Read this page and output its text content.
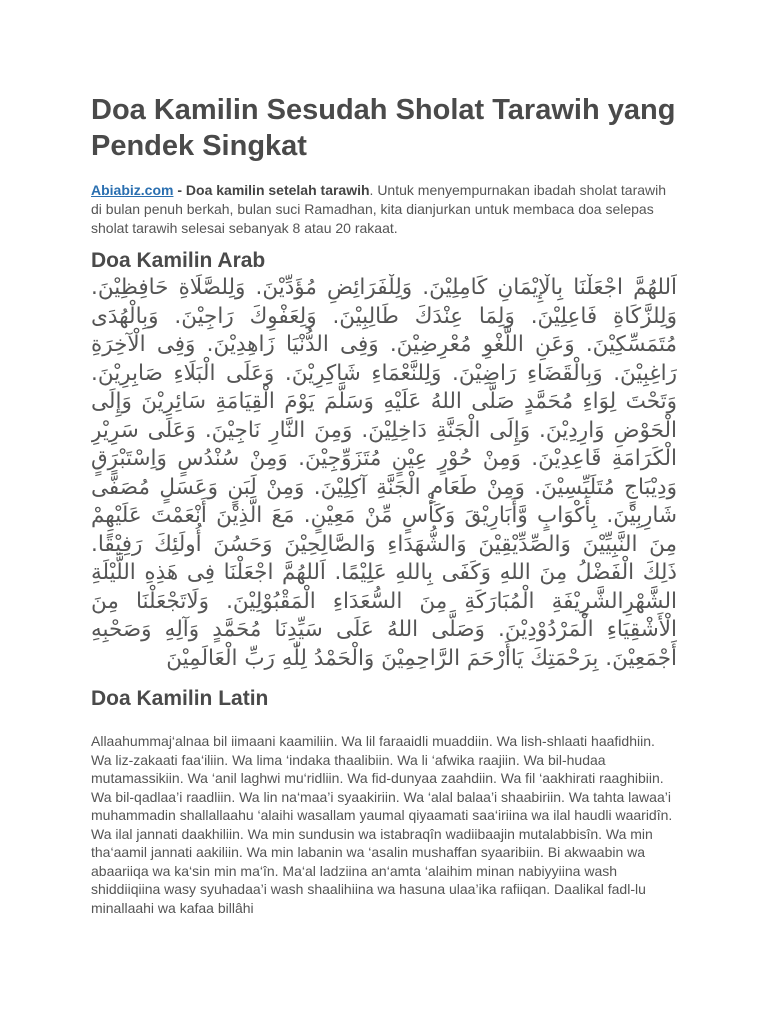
Doa Kamilin Sesudah Sholat Tarawih yang Pendek Singkat

Abiabiz.com - Doa kamilin setelah tarawih. Untuk menyempurnakan ibadah sholat tarawih di bulan penuh berkah, bulan suci Ramadhan, kita dianjurkan untuk membaca doa selepas sholat tarawih selesai sebanyak 8 atau 20 rakaat.

Doa Kamilin Arab

اَللهُمَّ اجْعَلْنَا بِالْإِيْمَانِ كَامِلِيْنَ. وَلِلْفَرَائِضِ مُؤَدِّيْنَ. وَلِلصَّلَاةِ حَافِظِيْنَ. وَلِلزَّكَاةِ فَاعِلِيْنَ. وَلِمَا عِنْدَكَ طَالِبِيْنَ. وَلِعَفْوِكَ رَاجِيْنَ. وَبِالْهُدَى مُتَمَسِّكِيْنَ. وَعَنِ اللَّغْوِ مُعْرِضِيْنَ. وَفِى الدُّنْيَا زَاهِدِيْنَ. وَفِى الْآخِرَةِ رَاغِبِيْنَ. وَبِالْقَضَاءِ رَاضِيْنَ. وَلِلنَّعْمَاءِ شَاكِرِيْنَ. وَعَلَى الْبَلَاءِ صَابِرِيْنَ. وَتَحْتَ لِوَاءِ مُحَمَّدٍ صَلَّى اللهُ عَلَيْهِ وَسَلَّمَ يَوْمَ الْقِيَامَةِ سَائِرِيْنَ وَإِلَى الْحَوْضِ وَارِدِيْنَ. وَإِلَى الْجَنَّةِ دَاخِلِيْنَ. وَمِنَ النَّارِ نَاجِيْنَ. وَعَلَى سَرِيْرِ الْكَرَامَةِ قَاعِدِيْنَ. وَمِنْ حُوْرٍ عِيْنٍ مُتَزَوِّجِيْنَ. وَمِنْ سُنْدُسٍ وَاِسْتَبْرَقٍ وَدِيْبَاجٍ مُتَلَبِّسِيْنَ. وَمِنْ طَعَامِ الْجَنَّةِ آكِلِيْنَ. وَمِنْ لَبَنٍ وَعَسَلٍ مُصَفًّى شَارِبِيْنَ. بِأَكْوَابٍ وَّأَبَارِيْقَ وَكَأْسٍ مِّنْ مَعِيْنٍ. مَعَ الَّذِيْنَ أَنْعَمْتَ عَلَيْهِمْ مِنَ النَّبِيِّيْنَ وَالصِّدِّيْقِيْنَ وَالشُّهَدَاءِ وَالصَّالِحِيْنَ وَحَسُنَ أُولَئِكَ رَفِيْقًا. ذَلِكَ الْفَضْلُ مِنَ اللهِ وَكَفَى بِاللهِ عَلِيْمًا. اَللهُمَّ اجْعَلْنَا فِى هَذِهِ اللَّيْلَةِ الشَّهْرِالشَّرِيْفَةِ الْمُبَارَكَةِ مِنَ السُّعَدَاءِ الْمَقْبُوْلِيْنَ. وَلَاتَجْعَلْنَا مِنَ الْأَشْقِيَاءِ الْمَرْدُوْدِيْنَ. وَصَلَّى اللهُ عَلَى سَيِّدِنَا مُحَمَّدٍ وَآلِهِ وَصَحْبِهِ أَجْمَعِيْنَ. بِرَحْمَتِكَ يَاأَرْحَمَ الرَّاحِمِيْنَ وَالْحَمْدُ لِلّٰهِ رَبِّ الْعَالَمِيْنَ

Doa Kamilin Latin

Allaahummaj‘alnaa bil iimaani kaamiliin. Wa lil faraaidli muaddiin. Wa lish-shlaati haafidhiin. Wa liz-zakaati faa‘iliin. Wa lima ‘indaka thaalibiin. Wa li ‘afwika raajiin. Wa bil-hudaa mutamassikiin. Wa ‘anil laghwi mu‘ridliin. Wa fid-dunyaa zaahdiin. Wa fil ‘aakhirati raaghibiin. Wa bil-qadlaa’i raadliin. Wa lin na‘maa’i syaakiriin. Wa ‘alal balaa’i shaabiriin. Wa tahta lawaa’i muhammadin shallallaahu ‘alaihi wasallam yaumal qiyaamati saa‘iriina wa ilal haudli waaridîn. Wa ilal jannati daakhiliin. Wa min sundusin wa istabraqîn wadiibaajin mutalabbisîn. Wa min tha‘aamil jannati aakiliin. Wa min labanin wa ‘asalin mushaffan syaaribiin. Bi akwaabin wa abaariiqa wa ka‘sin min ma‘în. Ma‘al ladziina an‘amta ‘alaihim minan nabiyyiina wash shiddiiqiina wasy syuhadaa’i wash shaalihiina wa hasuna ulaa’ika rafiiqan. Daalikal fadl-lu minallaahi wa kafaa billâhi
